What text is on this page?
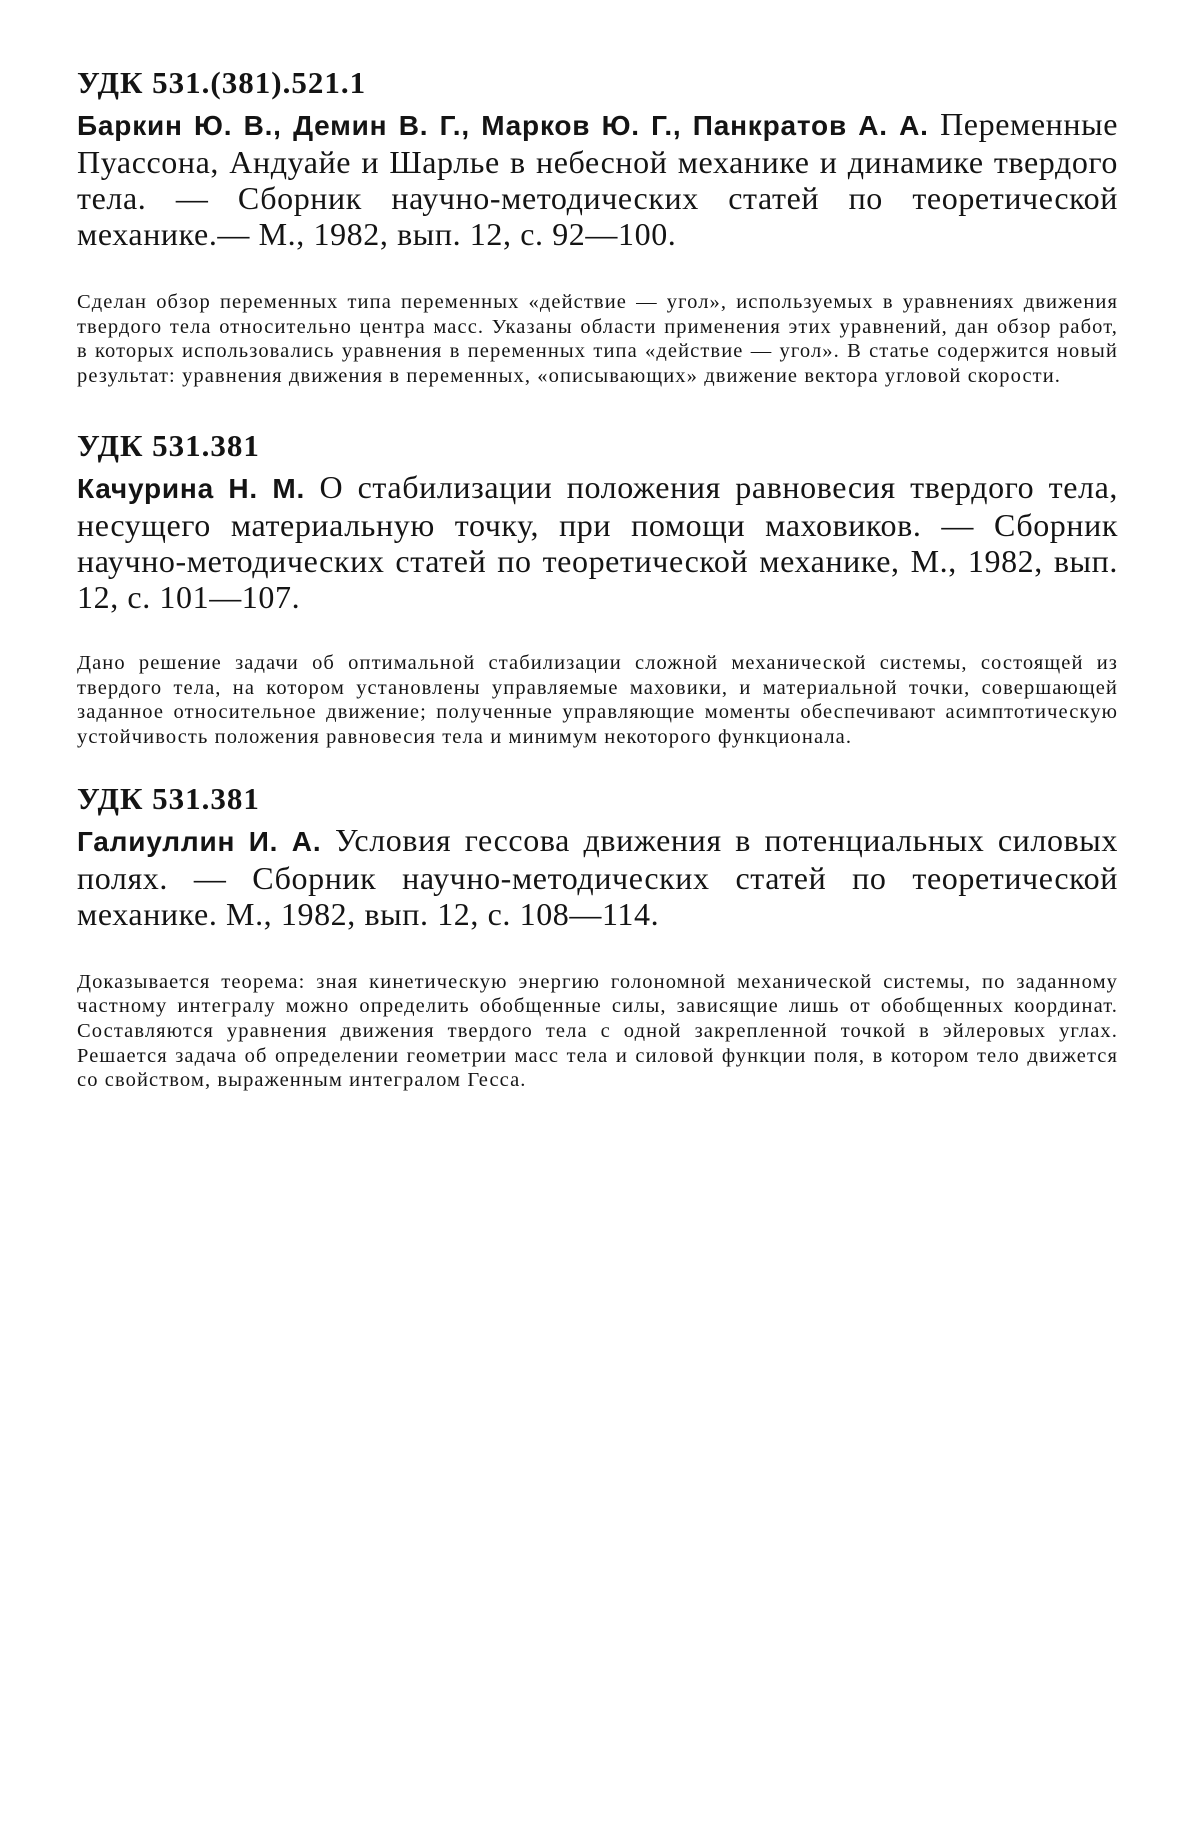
УДК 531.(381).521.1

Баркин Ю. В., Демин В. Г., Марков Ю. Г., Панкратов А. А. Переменные Пуассона, Андуайе и Шарлье в небесной механике и динамике твердого тела. — Сборник научно-методических статей по теоретической механике.— М., 1982, вып. 12, с. 92—100.

Сделан обзор переменных типа переменных «действие — угол», используемых в уравнениях движения твердого тела относительно центра масс. Указаны области применения этих уравнений, дан обзор работ, в которых использовались уравнения в переменных типа «действие — угол». В статье содержится новый результат: уравнения движения в переменных, «описывающих» движение вектора угловой скорости.

УДК 531.381

Качурина Н. М. О стабилизации положения равновесия твердого тела, несущего материальную точку, при помощи маховиков. — Сборник научно-методических статей по теоретической механике, М., 1982, вып. 12, с. 101—107.

Дано решение задачи об оптимальной стабилизации сложной механической системы, состоящей из твердого тела, на котором установлены управляемые маховики, и материальной точки, совершающей заданное относительное движение; полученные управляющие моменты обеспечивают асимптотическую устойчивость положения равновесия тела и минимум некоторого функционала.

УДК 531.381

Галиуллин И. А. Условия гессова движения в потенциальных силовых полях. — Сборник научно-методических статей по теоретической механике. М., 1982, вып. 12, с. 108—114.

Доказывается теорема: зная кинетическую энергию голономной механической системы, по заданному частному интегралу можно определить обобщенные силы, зависящие лишь от обобщенных координат. Составляются уравнения движения твердого тела с одной закрепленной точкой в эйлеровых углах. Решается задача об определении геометрии масс тела и силовой функции поля, в котором тело движется со свойством, выраженным интегралом Гесса.
